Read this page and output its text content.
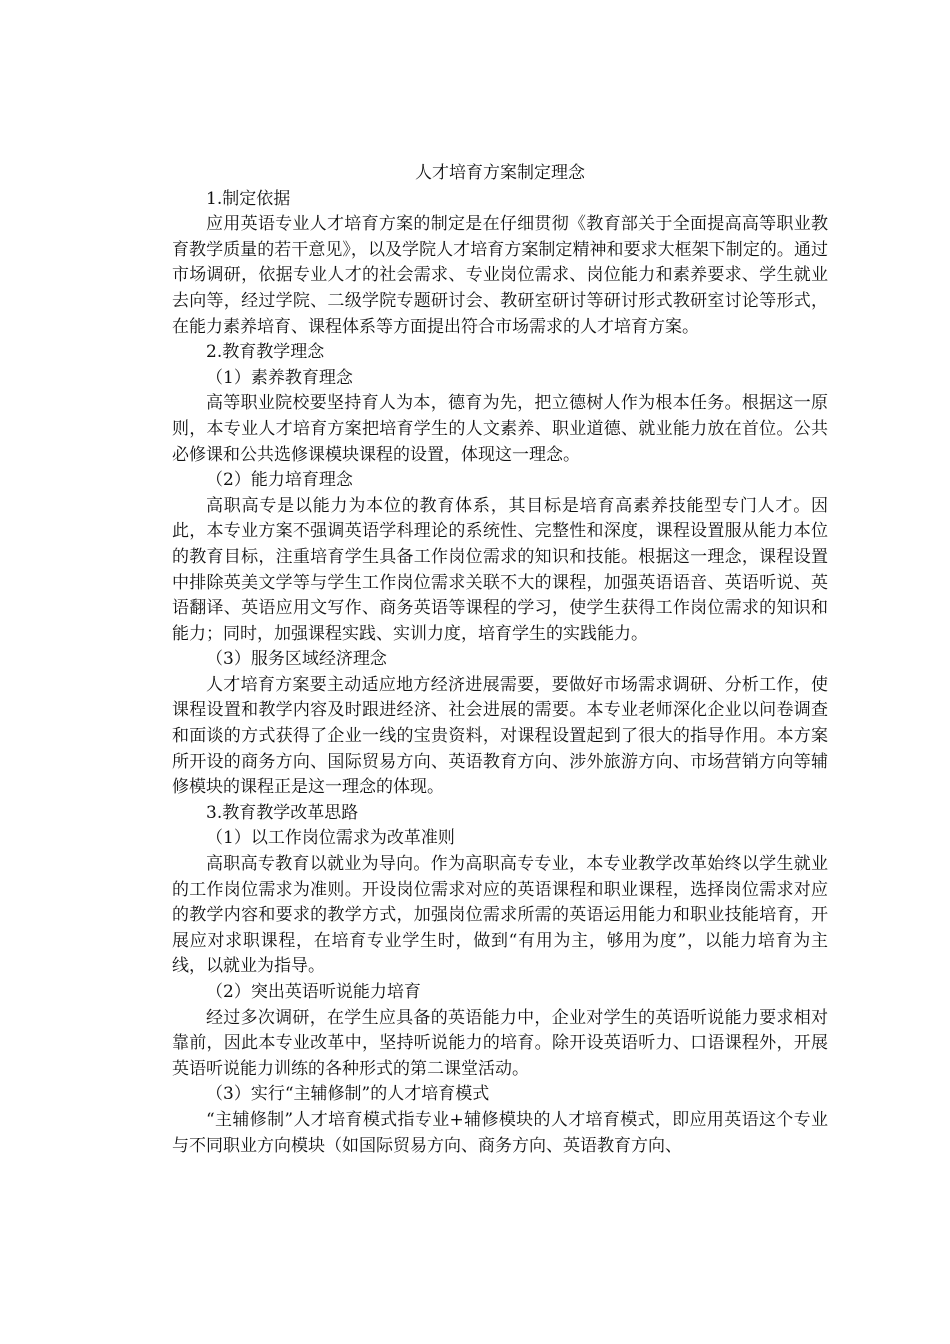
人才培育方案制定理念

1.制定依据

应用英语专业人才培育方案的制定是在仔细贯彻《教育部关于全面提高高等职业教育教学质量的若干意见》，以及学院人才培育方案制定精神和要求大框架下制定的。通过市场调研，依据专业人才的社会需求、专业岗位需求、岗位能力和素养要求、学生就业去向等，经过学院、二级学院专题研讨会、教研室研讨等研讨形式教研室讨论等形式，在能力素养培育、课程体系等方面提出符合市场需求的人才培育方案。

2.教育教学理念

（1）素养教育理念

高等职业院校要坚持育人为本，德育为先，把立德树人作为根本任务。根据这一原则，本专业人才培育方案把培育学生的人文素养、职业道德、就业能力放在首位。公共必修课和公共选修课模块课程的设置，体现这一理念。

（2）能力培育理念

高职高专是以能力为本位的教育体系，其目标是培育高素养技能型专门人才。因此，本专业方案不强调英语学科理论的系统性、完整性和深度，课程设置服从能力本位的教育目标，注重培育学生具备工作岗位需求的知识和技能。根据这一理念，课程设置中排除英美文学等与学生工作岗位需求关联不大的课程，加强英语语音、英语听说、英语翻译、英语应用文写作、商务英语等课程的学习，使学生获得工作岗位需求的知识和能力；同时，加强课程实践、实训力度，培育学生的实践能力。

（3）服务区域经济理念

人才培育方案要主动适应地方经济进展需要，要做好市场需求调研、分析工作，使课程设置和教学内容及时跟进经济、社会进展的需要。本专业老师深化企业以问卷调查和面谈的方式获得了企业一线的宝贵资料，对课程设置起到了很大的指导作用。本方案所开设的商务方向、国际贸易方向、英语教育方向、涉外旅游方向、市场营销方向等辅修模块的课程正是这一理念的体现。

3.教育教学改革思路

（1）以工作岗位需求为改革准则

高职高专教育以就业为导向。作为高职高专专业，本专业教学改革始终以学生就业的工作岗位需求为准则。开设岗位需求对应的英语课程和职业课程，选择岗位需求对应的教学内容和要求的教学方式，加强岗位需求所需的英语运用能力和职业技能培育，开展应对求职课程，在培育专业学生时，做到“有用为主，够用为度”，以能力培育为主线，以就业为指导。

（2）突出英语听说能力培育

经过多次调研，在学生应具备的英语能力中，企业对学生的英语听说能力要求相对靠前，因此本专业改革中，坚持听说能力的培育。除开设英语听力、口语课程外，开展英语听说能力训练的各种形式的第二课堂活动。

（3）实行“主辅修制”的人才培育模式

“主辅修制”人才培育模式指专业+辅修模块的人才培育模式，即应用英语这个专业与不同职业方向模块（如国际贸易方向、商务方向、英语教育方向、
